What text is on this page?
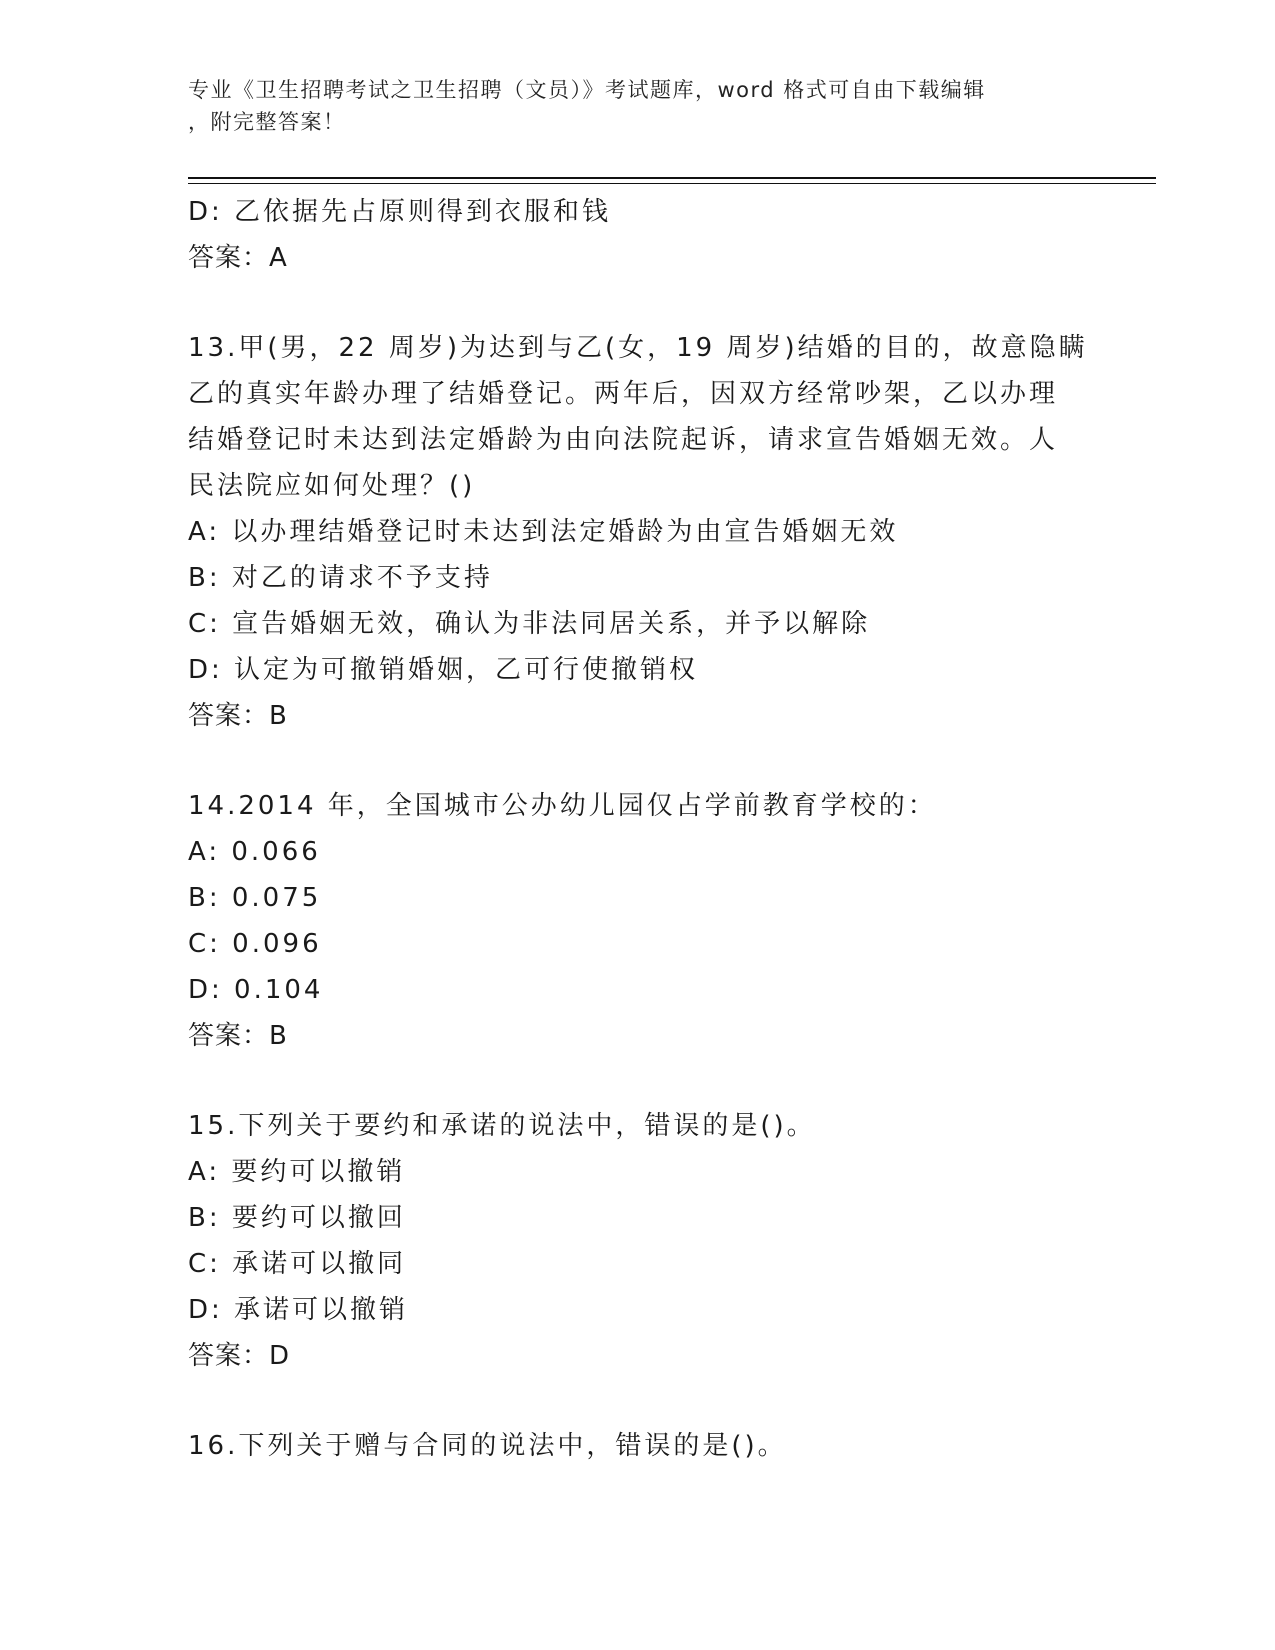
专业《卫生招聘考试之卫生招聘（文员）》考试题库，word 格式可自由下载编辑
，附完整答案！
D: 乙依据先占原则得到衣服和钱
答案：A
13.甲(男，22 周岁)为达到与乙(女，19 周岁)结婚的目的，故意隐瞒
乙的真实年龄办理了结婚登记。两年后，因双方经常吵架，乙以办理
结婚登记时未达到法定婚龄为由向法院起诉，请求宣告婚姻无效。人
民法院应如何处理？()
A: 以办理结婚登记时未达到法定婚龄为由宣告婚姻无效
B: 对乙的请求不予支持
C: 宣告婚姻无效，确认为非法同居关系，并予以解除
D: 认定为可撤销婚姻，乙可行使撤销权
答案：B
14.2014 年，全国城市公办幼儿园仅占学前教育学校的：
A: 0.066
B: 0.075
C: 0.096
D: 0.104
答案：B
15.下列关于要约和承诺的说法中，错误的是()。
A: 要约可以撤销
B: 要约可以撤回
C: 承诺可以撤同
D: 承诺可以撤销
答案：D
16.下列关于赠与合同的说法中，错误的是()。
